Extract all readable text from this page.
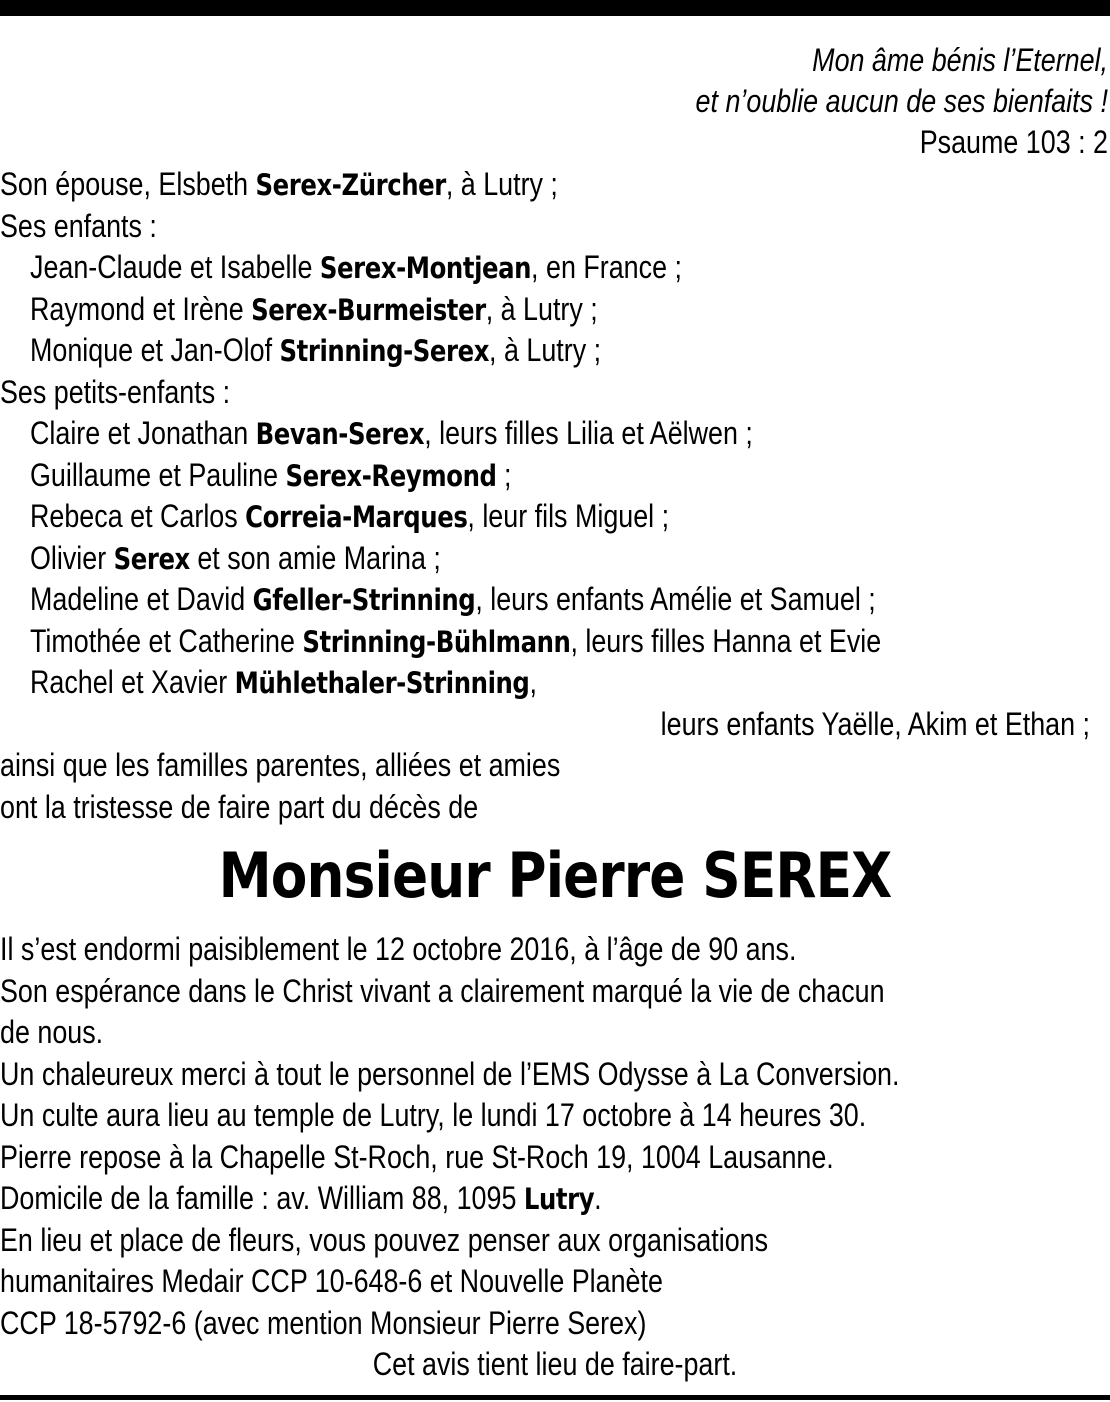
Mon âme bénis l’Eternel,
et n’oublie aucun de ses bienfaits !
Psaume 103 : 2
Son épouse, Elsbeth Serex-Zürcher, à Lutry ;
Ses enfants :
Jean-Claude et Isabelle Serex-Montjean, en France ;
Raymond et Irène Serex-Burmeister, à Lutry ;
Monique et Jan-Olof Strinning-Serex, à Lutry ;
Ses petits-enfants :
Claire et Jonathan Bevan-Serex, leurs filles Lilia et Aëlwen ;
Guillaume et Pauline Serex-Reymond ;
Rebeca et Carlos Correia-Marques, leur fils Miguel ;
Olivier Serex et son amie Marina ;
Madeline et David Gfeller-Strinning, leurs enfants Amélie et Samuel ;
Timothée et Catherine Strinning-Bühlmann, leurs filles Hanna et Evie
Rachel et Xavier Mühlethaler-Strinning,
leurs enfants Yaëlle, Akim et Ethan ;
ainsi que les familles parentes, alliées et amies
ont la tristesse de faire part du décès de
Monsieur Pierre SEREX
Il s’est endormi paisiblement le 12 octobre 2016, à l’âge de 90 ans.
Son espérance dans le Christ vivant a clairement marqué la vie de chacun
de nous.
Un chaleureux merci à tout le personnel de l’EMS Odysse à La Conversion.
Un culte aura lieu au temple de Lutry, le lundi 17 octobre à 14 heures 30.
Pierre repose à la Chapelle St-Roch, rue St-Roch 19, 1004 Lausanne.
Domicile de la famille : av. William 88, 1095 Lutry.
En lieu et place de fleurs, vous pouvez penser aux organisations
humanitaires Medair CCP 10-648-6 et Nouvelle Planète
CCP 18-5792-6 (avec mention Monsieur Pierre Serex)
Cet avis tient lieu de faire-part.
